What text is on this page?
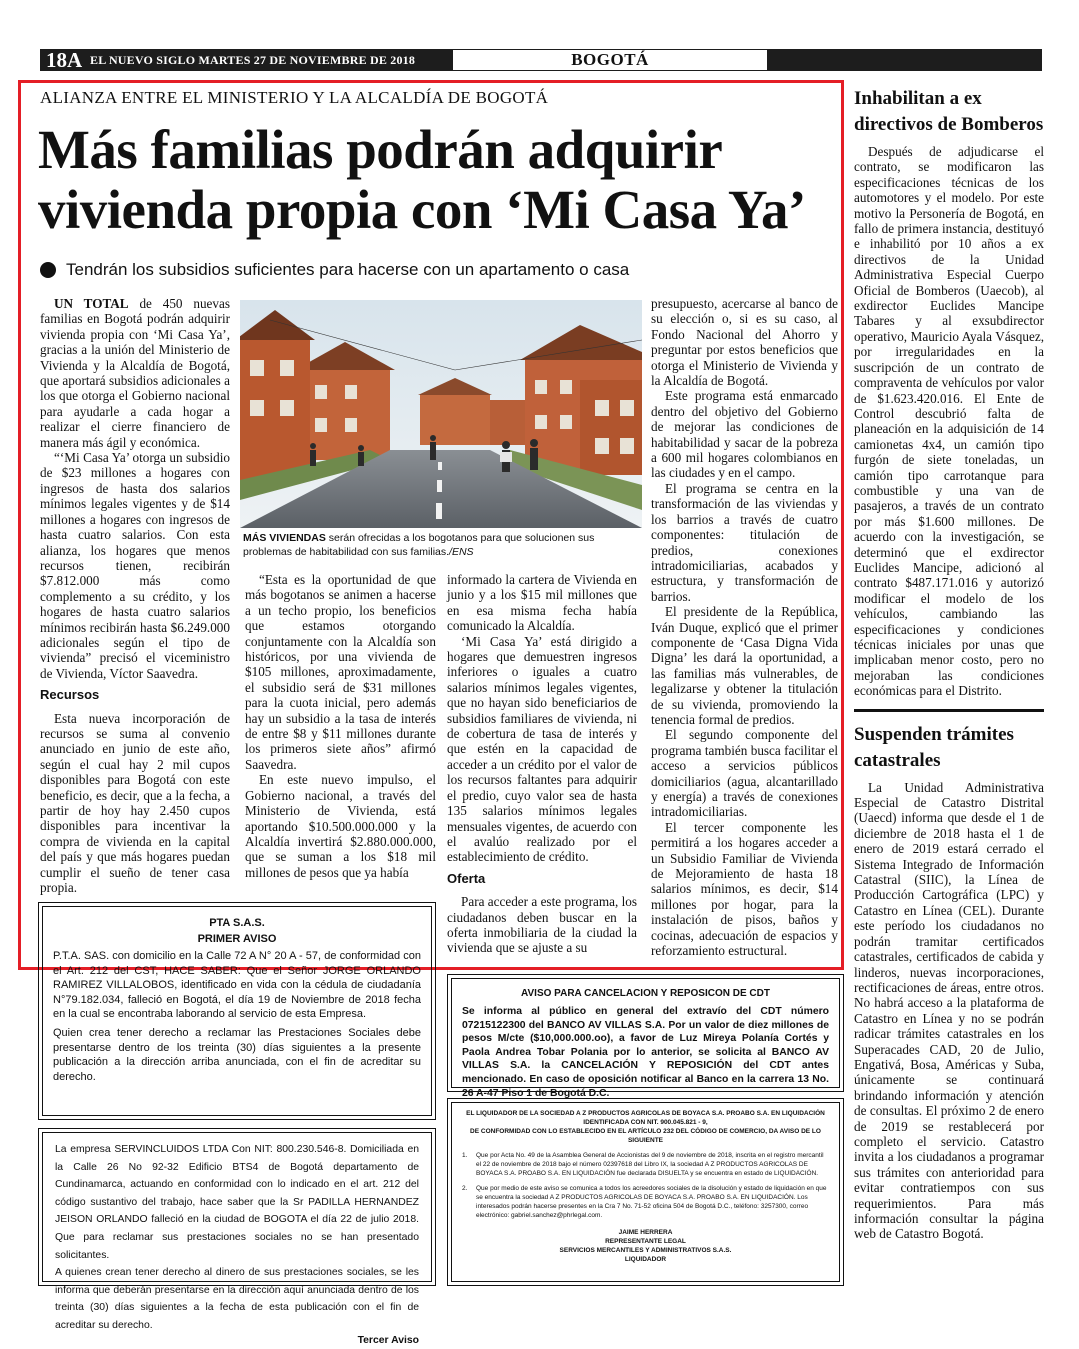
18A EL NUEVO SIGLO MARTES 27 DE NOVIEMBRE DE 2018	BOGOTÁ
ALIANZA ENTRE EL MINISTERIO Y LA ALCALDÍA DE BOGOTÁ
Más familias podrán adquirir
vivienda propia con ‘Mi Casa Ya’
Tendrán los subsidios suficientes para hacerse con un apartamento o casa

UN TOTAL de 450 nuevas familias en Bogotá podrán adquirir vivienda propia con ‘Mi Casa Ya’, gracias a la unión del Ministerio de Vivienda y la Alcaldía de Bogotá, que aportará subsidios adicionales a los que otorga el Gobierno nacional para ayudarle a cada hogar a realizar el cierre financiero de manera más ágil y económica.

“‘Mi Casa Ya’ otorga un subsidio de $23 millones a hogares con ingresos de hasta dos salarios mínimos legales vigentes y de $14 millones a hogares con ingresos de hasta cuatro salarios. Con esta alianza, los hogares que menos recursos tienen, recibirán $7.812.000 más como complemento a su crédito, y los hogares de hasta cuatro salarios mínimos recibirán hasta $6.249.000 adicionales según el tipo de vivienda” precisó el viceministro de Vivienda, Víctor Saavedra.

Recursos

Esta nueva incorporación de recursos se suma al convenio anunciado en junio de este año, según el cual hay 2 mil cupos disponibles para Bogotá con este beneficio, es decir, que a la fecha, a partir de hoy hay 2.450 cupos disponibles para incentivar la compra de vivienda en la capital del país y que más hogares puedan cumplir el sueño de tener casa propia.

MÁS VIVIENDAS serán ofrecidas a los bogotanos para que solucionen sus problemas de habitabilidad con sus familias./ENS

“Esta es la oportunidad de que más bogotanos se animen a hacerse a un techo propio, los beneficios que estamos otorgando conjuntamente con la Alcaldía son históricos, por una vivienda de $105 millones, aproximadamente, el subsidio será de $31 millones para la cuota inicial, pero además hay un subsidio a la tasa de interés de entre $8 y $11 millones durante los primeros siete años” afirmó Saavedra.

En este nuevo impulso, el Gobierno nacional, a través del Ministerio de Vivienda, está aportando $10.500.000.000 y la Alcaldía invertirá $2.880.000.000, que se suman a los $18 mil millones de pesos que ya había

informado la cartera de Vivienda en junio y a los $15 mil millones que en esa misma fecha había comunicado la Alcaldía.

‘Mi Casa Ya’ está dirigido a hogares que demuestren ingresos inferiores o iguales a cuatro salarios mínimos legales vigentes, que no hayan sido beneficiarios de subsidios familiares de vivienda, ni de cobertura de tasa de interés y que estén en la capacidad de acceder a un crédito por el valor de los recursos faltantes para adquirir el predio, cuyo valor sea de hasta 135 salarios mínimos legales mensuales vigentes, de acuerdo con el avalúo realizado por el establecimiento de crédito.

Oferta

Para acceder a este programa, los ciudadanos deben buscar en la oferta inmobiliaria de la ciudad la vivienda que se ajuste a su

presupuesto, acercarse al banco de su elección o, si es su caso, al Fondo Nacional del Ahorro y preguntar por estos beneficios que otorga el Ministerio de Vivienda y la Alcaldía de Bogotá.

Este programa está enmarcado dentro del objetivo del Gobierno de mejorar las condiciones de habitabilidad y sacar de la pobreza a 600 mil hogares colombianos en las ciudades y en el campo.

El programa se centra en la transformación de las viviendas y los barrios a través de cuatro componentes: titulación de predios, conexiones intradomiciliarias, acabados y estructura, y transformación de barrios.

El presidente de la República, Iván Duque, explicó que el primer componente de ‘Casa Digna Vida Digna’ les dará la oportunidad, a las familias más vulnerables, de legalizarse y obtener la titulación de su vivienda, promoviendo la tenencia formal de predios.

El segundo componente del programa también busca facilitar el acceso a servicios públicos domiciliarios (agua, alcantarillado y energía) a través de conexiones intradomiciliarias.

El tercer componente les permitirá a los hogares acceder a un Subsidio Familiar de Vivienda de Mejoramiento de hasta 18 salarios mínimos, es decir, $14 millones por hogar, para la instalación de pisos, baños y cocinas, adecuación de espacios y reforzamiento estructural.

Inhabilitan a ex directivos de Bomberos

Después de adjudicarse el contrato, se modificaron las especificaciones técnicas de los automotores y el modelo. Por este motivo la Personería de Bogotá, en fallo de primera instancia, destituyó e inhabilitó por 10 años a ex directivos de la Unidad Administrativa Especial Cuerpo Oficial de Bomberos (Uaecob), al exdirector Euclides Mancipe Tabares y al exsubdirector operativo, Mauricio Ayala Vásquez, por irregularidades en la suscripción de un contrato de compraventa de vehículos por valor de $1.623.420.016. El Ente de Control descubrió falta de planeación en la adquisición de 14 camionetas 4x4, un camión tipo furgón de siete toneladas, un camión tipo carrotanque para combustible y una van de pasajeros, a través de un contrato por más $1.600 millones. De acuerdo con la investigación, se determinó que el exdirector Euclides Mancipe, adicionó al contrato $487.171.016 y autorizó modificar el modelo de los vehículos, cambiando las especificaciones y condiciones técnicas iniciales por unas que implicaban menor costo, pero no mejoraban las condiciones económicas para el Distrito.

Suspenden trámites catastrales

La Unidad Administrativa Especial de Catastro Distrital (Uaecd) informa que desde el 1 de diciembre de 2018 hasta el 1 de enero de 2019 estará cerrado el Sistema Integrado de Información Catastral (SIIC), la Línea de Producción Cartográfica (LPC) y Catastro en Línea (CEL). Durante este período los ciudadanos no podrán tramitar certificados catastrales, certificados de cabida y linderos, nuevas incorporaciones, rectificaciones de áreas, entre otros. No habrá acceso a la plataforma de Catastro en Línea y no se podrán radicar trámites catastrales en los Superacades CAD, 20 de Julio, Engativá, Bosa, Américas y Suba, únicamente se continuará brindando información y atención de consultas. El próximo 2 de enero de 2019 se restablecerá por completo el servicio. Catastro invita a los ciudadanos a programar sus trámites con anterioridad para evitar contratiempos con sus requerimientos. Para más información consultar la página web de Catastro Bogotá.

PTA S.A.S.
PRIMER AVISO

P.T.A. SAS. con domicilio en la Calle 72 A N° 20 A - 57, de conformidad con el Art. 212 del CST, HACE SABER: Que el Señor JORGE ORLANDO RAMIREZ VILLALOBOS, identificado en vida con la cédula de ciudadanía N°79.182.034, falleció en Bogotá, el día 19 de Noviembre de 2018 fecha en la cual se encontraba laborando al servicio de esta Empresa.

Quien crea tener derecho a reclamar las Prestaciones Sociales debe presentarse dentro de los treinta (30) días siguientes a la presente publicación a la dirección arriba anunciada, con el fin de acreditar su derecho.

AVISO PARA CANCELACION Y REPOSICON DE CDT
Se informa al público en general del extravío del CDT número 07215122300 del BANCO AV VILLAS S.A. Por un valor de diez millones de pesos M/cte ($10,000.000.oo), a favor de Luz Mireya Polanía Cortés y Paola Andrea Tobar Polania por lo anterior, se solicita al BANCO AV VILLAS S.A. la CANCELACIÓN Y REPOSICIÓN del CDT antes mencionado. En caso de oposición notificar al Banco en la carrera 13 No. 26 A-47 Piso 1 de Bogotá D.C.

La empresa SERVINCLUIDOS LTDA Con NIT: 800.230.546-8. Domiciliada en la Calle 26 No 92-32 Edificio BTS4 de Bogotá departamento de Cundinamarca, actuando en conformidad con lo indicado en el art. 212 del código sustantivo del trabajo, hace saber que la Sr PADILLA HERNANDEZ JEISON ORLANDO falleció en la ciudad de BOGOTA el día 22 de julio 2018. Que para reclamar sus prestaciones sociales no se han presentado solicitantes.

A quienes crean tener derecho al dinero de sus prestaciones sociales, se les informa que deberán presentarse en la dirección aquí anunciada dentro de los treinta (30) días siguientes a la fecha de esta publicación con el fin de acreditar su derecho.

Tercer Aviso
EL LIQUIDADOR DE LA SOCIEDAD A Z PRODUCTOS AGRICOLAS DE BOYACA S.A. PROABO S.A. EN LIQUIDACIÓN
IDENTIFICADA CON NIT. 900.045.821 - 9,
DE CONFORMIDAD CON LO ESTABLECIDO EN EL ARTÍCULO 232 DEL CÓDIGO DE COMERCIO, DA AVISO DE LO SIGUIENTE
1.	Que por Acta No. 49 de la Asamblea General de Accionistas del 9 de noviembre de 2018, inscrita en el registro mercantil el 22 de noviembre de 2018 bajo el número 02397618 del Libro IX, la sociedad A Z PRODUCTOS AGRICOLAS DE BOYACA S.A. PROABO S.A. EN LIQUIDACIÓN fue declarada DISUELTA y se encuentra en estado de LIQUIDACIÓN.
2.	Que por medio de este aviso se comunica a todos los acreedores sociales de la disolución y estado de liquidación en que se encuentra la sociedad A Z PRODUCTOS AGRICOLAS DE BOYACA S.A. PROABO S.A. EN LIQUIDACIÓN. Los interesados podrán hacerse presentes en la Cra 7 No. 71-52 oficina 504 de Bogotá D.C., teléfono: 3257300, correo electrónico: gabriel.sanchez@phrlegal.com.
JAIME HERRERA
REPRESENTANTE LEGAL
SERVICIOS MERCANTILES Y ADMINISTRATIVOS S.A.S.
LIQUIDADOR
